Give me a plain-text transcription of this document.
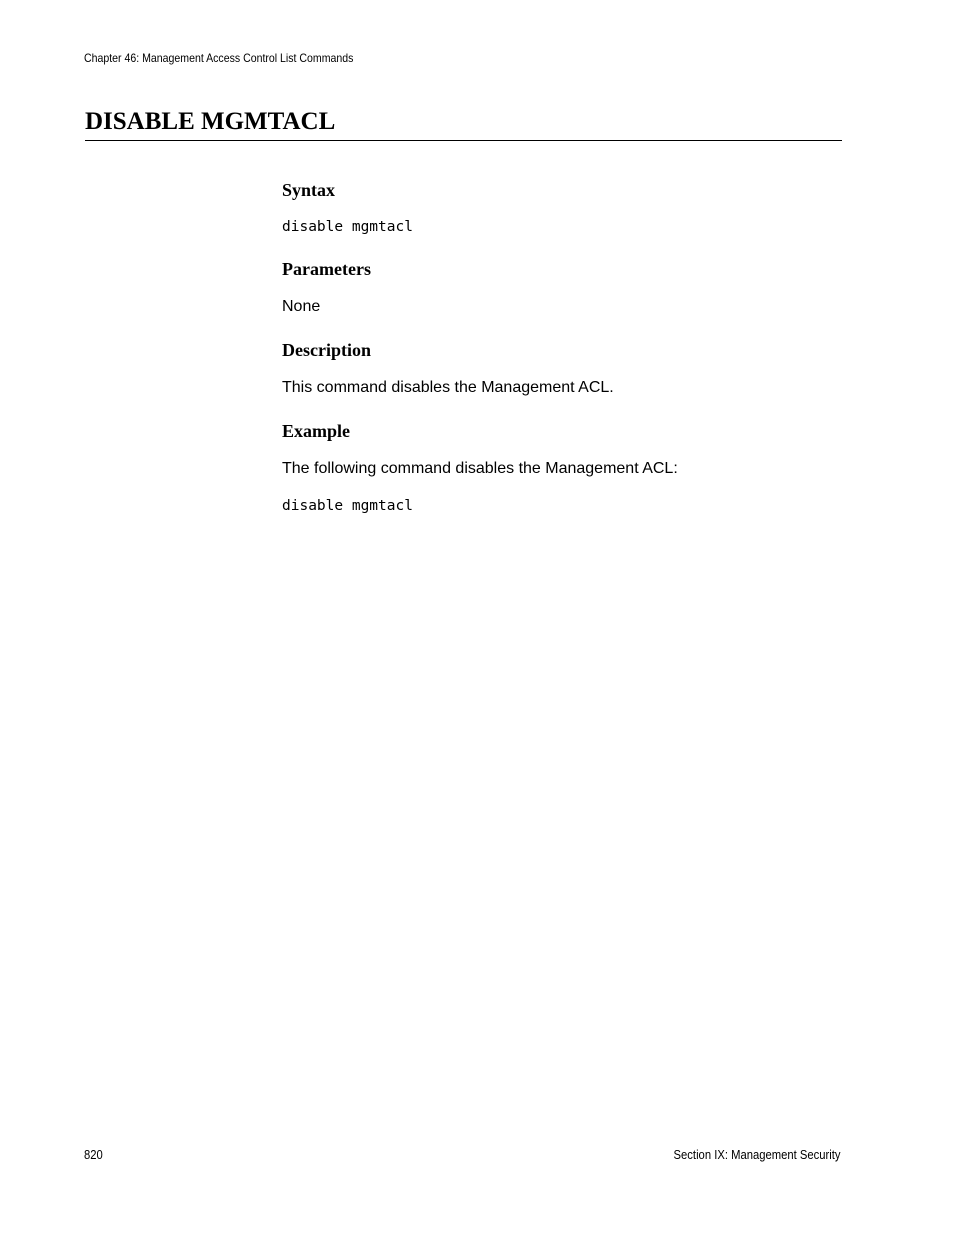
Chapter 46: Management Access Control List Commands
DISABLE MGMTACL
Syntax
disable mgmtacl
Parameters

None

Description

This command disables the Management ACL.

Example

The following command disables the Management ACL:

disable mgmtacl
820	Section IX: Management Security
